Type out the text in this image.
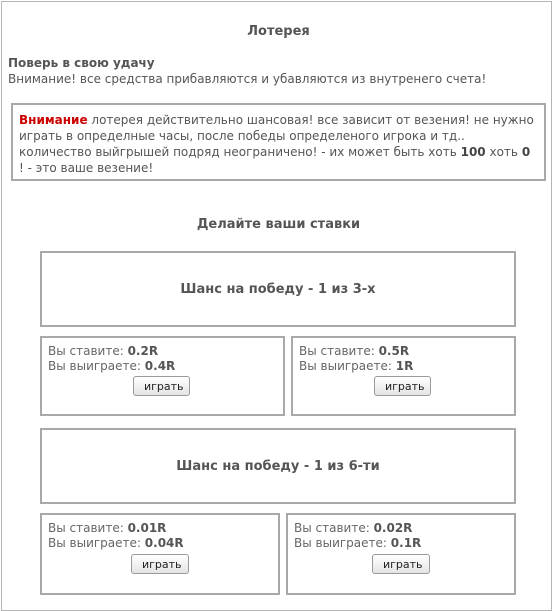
Лотерея
Поверь в свою удачу
Внимание! все средства прибавляются и убавляются из внутренего счета!
Внимание лотерея действительно шансовая! все зависит от везения! не нужно играть в определные часы, после победы определеного игрока и тд.. количество выйгрышей подряд неограничено! - их может быть хоть 100 хоть 0 ! - это ваше везение!
Делайте ваши ставки
Шанс на победу - 1 из 3-х
Вы ставите: 0.2R
Вы выиграете: 0.4R
играть
Вы ставите: 0.5R
Вы выиграете: 1R
играть
Шанс на победу - 1 из 6-ти
Вы ставите: 0.01R
Вы выиграете: 0.04R
играть
Вы ставите: 0.02R
Вы выиграете: 0.1R
играть
